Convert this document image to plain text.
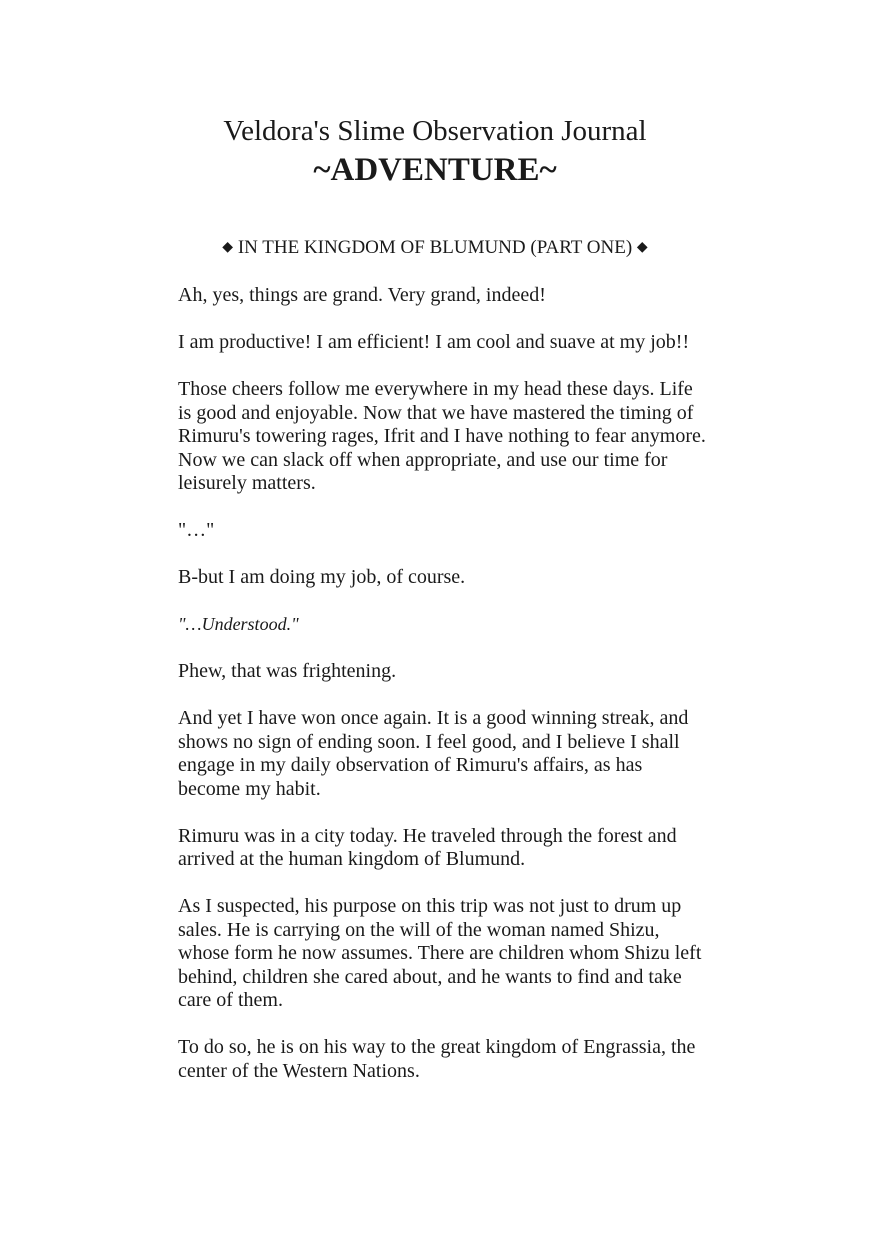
Veldora's Slime Observation Journal
~ADVENTURE~
◆ IN THE KINGDOM OF BLUMUND (PART ONE) ◆

Ah, yes, things are grand. Very grand, indeed!

I am productive! I am efficient! I am cool and suave at my job!!

Those cheers follow me everywhere in my head these days. Life is good and enjoyable. Now that we have mastered the timing of Rimuru's towering rages, Ifrit and I have nothing to fear anymore. Now we can slack off when appropriate, and use our time for leisurely matters.

"…"

B-but I am doing my job, of course.

"…Understood."

Phew, that was frightening.

And yet I have won once again. It is a good winning streak, and shows no sign of ending soon. I feel good, and I believe I shall engage in my daily observation of Rimuru's affairs, as has become my habit.

Rimuru was in a city today. He traveled through the forest and arrived at the human kingdom of Blumund.

As I suspected, his purpose on this trip was not just to drum up sales. He is carrying on the will of the woman named Shizu, whose form he now assumes. There are children whom Shizu left behind, children she cared about, and he wants to find and take care of them.

To do so, he is on his way to the great kingdom of Engrassia, the center of the Western Nations.
